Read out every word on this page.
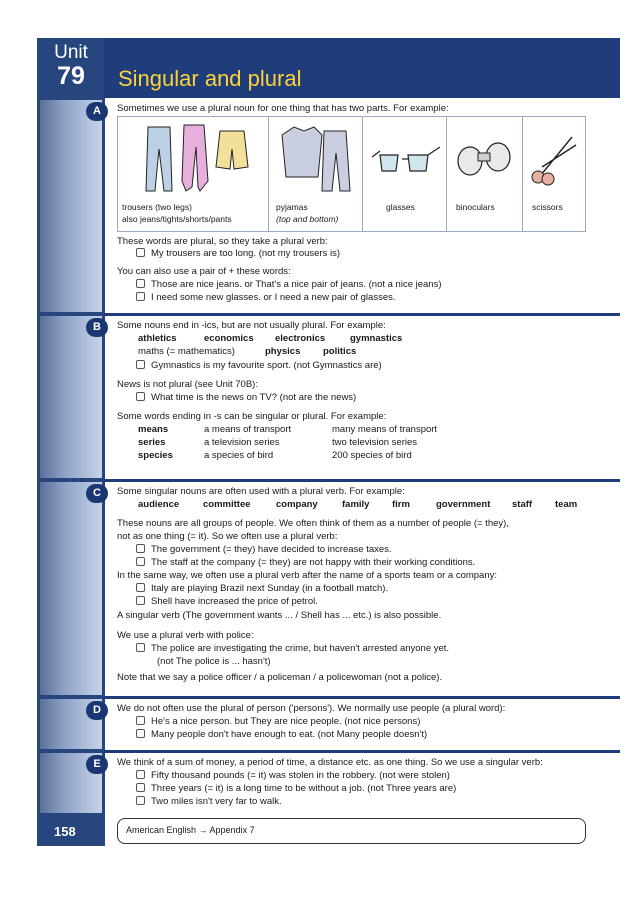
Unit
79
158
Singular and plural
A
B
C
D
E
Sometimes we use a plural noun for one thing that has two parts. For example:
trousers (two legs)
also jeans/tights/shorts/pants
pyjamas
(top and bottom)
glasses	binoculars	scissors
These words are plural, so they take a plural verb:
My trousers are too long. (not my trousers is)
You can also use a pair of + these words:
Those are nice jeans. or That's a nice pair of jeans. (not a nice jeans)
I need some new glasses. or I need a new pair of glasses.
Some nouns end in -ics, but are not usually plural. For example:
athletics	economics electronics	gymnastics
maths (= mathematics)	physics politics
Gymnastics is my favourite sport. (not Gymnastics are)
News is not plural (see Unit 70B):
What time is the news on TV? (not are the news)
Some words ending in -s can be singular or plural. For example:
means	a means of transport	many means of transport
series	a television series	two television series
species	a species of bird	200 species of bird
Some singular nouns are often used with a plural verb. For example:
audience	committee	company	family firm	government staff team
These nouns are all groups of people. We often think of them as a number of people (= they),
not as one thing (= it). So we often use a plural verb:
The government (= they) have decided to increase taxes.
The staff at the company (= they) are not happy with their working conditions.
In the same way, we often use a plural verb after the name of a sports team or a company:
Italy are playing Brazil next Sunday (in a football match).
Shell have increased the price of petrol.
A singular verb (The government wants ... / Shell has ... etc.) is also possible.
We use a plural verb with police:
The police are investigating the crime, but haven't arrested anyone yet.
(not The police is ... hasn't)
Note that we say a police officer / a policeman / a policewoman (not a police).
We do not often use the plural of person ('persons'). We normally use people (a plural word):
He's a nice person. but They are nice people. (not nice persons)
Many people don't have enough to eat. (not Many people doesn't)
We think of a sum of money, a period of time, a distance etc. as one thing. So we use a singular verb:
Fifty thousand pounds (= it) was stolen in the robbery. (not were stolen)
Three years (= it) is a long time to be without a job. (not Three years are)
Two miles isn't very far to walk.
American English → Appendix 7
